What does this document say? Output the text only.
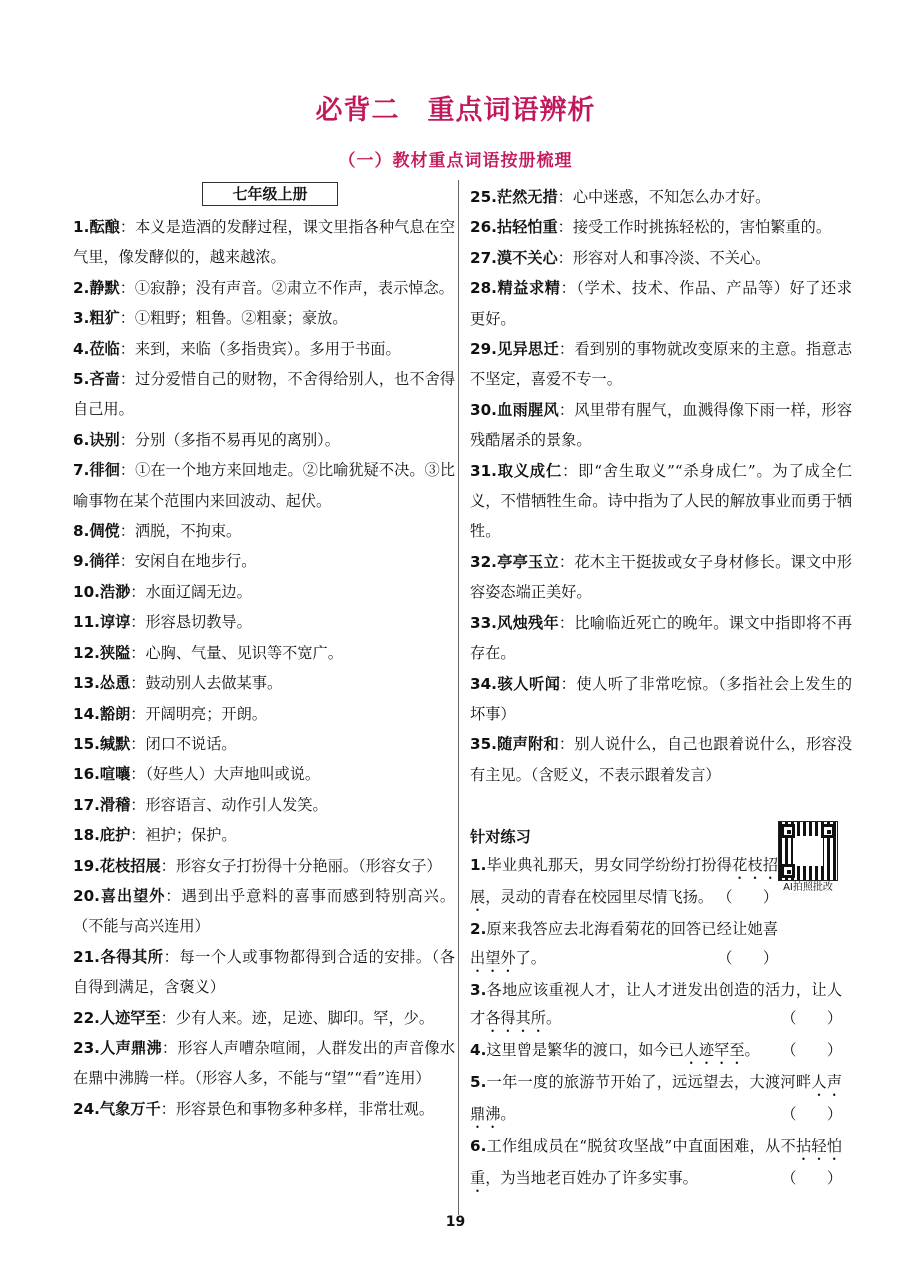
必背二　重点词语辨析
（一）教材重点词语按册梳理
七年级上册
1.酝酿：本义是造酒的发酵过程，课文里指各种气息在空气里，像发酵似的，越来越浓。
2.静默：①寂静；没有声音。②肃立不作声，表示悼念。
3.粗犷：①粗野；粗鲁。②粗豪；豪放。
4.莅临：来到，来临（多指贵宾）。多用于书面。
5.吝啬：过分爱惜自己的财物，不舍得给别人，也不舍得自己用。
6.诀别：分别（多指不易再见的离别）。
7.徘徊：①在一个地方来回地走。②比喻犹疑不决。③比喻事物在某个范围内来回波动、起伏。
8.倜傥：洒脱，不拘束。
9.徜徉：安闲自在地步行。
10.浩渺：水面辽阔无边。
11.谆谆：形容恳切教导。
12.狭隘：心胸、气量、见识等不宽广。
13.怂恿：鼓动别人去做某事。
14.豁朗：开阔明亮；开朗。
15.缄默：闭口不说话。
16.喧嚷：（好些人）大声地叫或说。
17.滑稽：形容语言、动作引人发笑。
18.庇护：袒护；保护。
19.花枝招展：形容女子打扮得十分艳丽。（形容女子）
20.喜出望外：遇到出乎意料的喜事而感到特别高兴。（不能与高兴连用）
21.各得其所：每一个人或事物都得到合适的安排。（各自得到满足，含褒义）
22.人迹罕至：少有人来。迹，足迹、脚印。罕，少。
23.人声鼎沸：形容人声嘈杂喧闹，人群发出的声音像水在鼎中沸腾一样。（形容人多，不能与“望”“看”连用）
24.气象万千：形容景色和事物多种多样，非常壮观。
25.茫然无措：心中迷惑，不知怎么办才好。
26.拈轻怕重：接受工作时挑拣轻松的，害怕繁重的。
27.漠不关心：形容对人和事冷淡、不关心。
28.精益求精：（学术、技术、作品、产品等）好了还求更好。
29.见异思迁：看到别的事物就改变原来的主意。指意志不坚定，喜爱不专一。
30.血雨腥风：风里带有腥气，血溅得像下雨一样，形容残酷屠杀的景象。
31.取义成仁：即“舍生取义”“杀身成仁”。为了成全仁义，不惜牺牲生命。诗中指为了人民的解放事业而勇于牺牲。
32.亭亭玉立：花木主干挺拔或女子身材修长。课文中形容姿态端正美好。
33.风烛残年：比喻临近死亡的晚年。课文中指即将不再存在。
34.骇人听闻：使人听了非常吃惊。（多指社会上发生的坏事）
35.随声附和：别人说什么，自己也跟着说什么，形容没有主见。（含贬义，不表示跟着发言）
针对练习
AI拍照批改
1.毕业典礼那天，男女同学纷纷打扮得花枝招展，灵动的青春在校园里尽情飞扬。 （　　）
2.原来我答应去北海看菊花的回答已经让她喜出望外了。	（　　）
3.各地应该重视人才，让人才迸发出创造的活力，让人才各得其所。	（　　）
4.这里曾是繁华的渡口，如今已人迹罕至。 （　　）
5.一年一度的旅游节开始了，远远望去，大渡河畔人声鼎沸。	（　　）
6.工作组成员在“脱贫攻坚战”中直面困难，从不拈轻怕重，为当地老百姓办了许多实事。	（　　）
19
